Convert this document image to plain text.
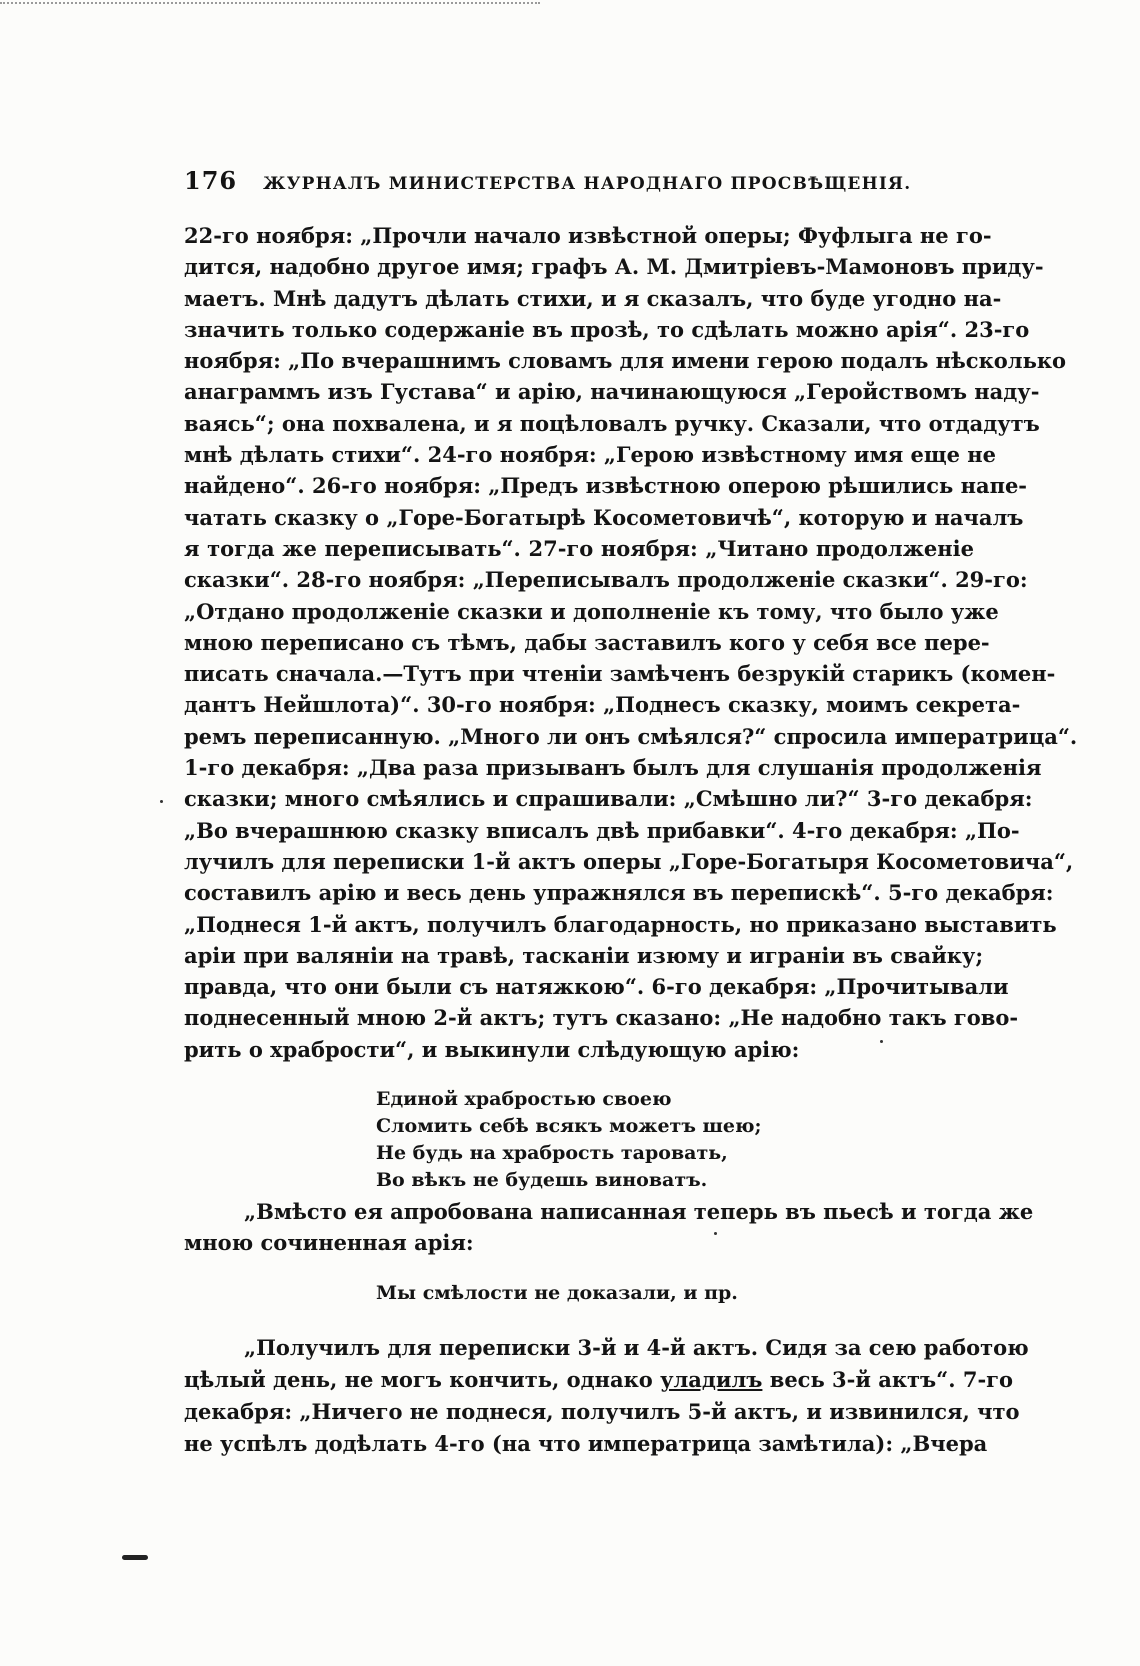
176 ЖУРНАЛЪ МИНИСТЕРСТВА НАРОДНАГО ПРОСВѢЩЕНІЯ.
22-го ноября: „Прочли начало извѣстной оперы; Фуфлыга не го-
дится, надобно другое имя; графъ А. М. Дмитріевъ-Мамоновъ приду-
маетъ. Мнѣ дадутъ дѣлать стихи, и я сказалъ, что буде угодно на-
значить только содержаніе въ прозѣ, то сдѣлать можно арія“. 23-го
ноября: „По вчерашнимъ словамъ для имени герою подалъ нѣсколько
анаграммъ изъ Густава“ и арію, начинающуюся „Геройствомъ наду-
ваясь“; она похвалена, и я поцѣловалъ ручку. Сказали, что отдадутъ
мнѣ дѣлать стихи“. 24-го ноября: „Герою извѣстному имя еще не
найдено“. 26-го ноября: „Предъ извѣстною оперою рѣшились напе-
чатать сказку о „Горе-Богатырѣ Косометовичѣ“, которую и началъ
я тогда же переписывать“. 27-го ноября: „Читано продолженіе
сказки“. 28-го ноября: „Переписывалъ продолженіе сказки“. 29-го:
„Отдано продолженіе сказки и дополненіе къ тому, что было уже
мною переписано съ тѣмъ, дабы заставилъ кого у себя все пере-
писать сначала.—Тутъ при чтеніи замѣченъ безрукій старикъ (комен-
дантъ Нейшлота)“. 30-го ноября: „Поднесъ сказку, моимъ секрета-
ремъ переписанную. „Много ли онъ смѣялся?“ спросила императрица“.
1-го декабря: „Два раза призыванъ былъ для слушанія продолженія
сказки; много смѣялись и спрашивали: „Смѣшно ли?“ 3-го декабря:
„Во вчерашнюю сказку вписалъ двѣ прибавки“. 4-го декабря: „По-
лучилъ для переписки 1-й актъ оперы „Горе-Богатыря Косометовича“,
составилъ арію и весь день упражнялся въ перепискѣ“. 5-го декабря:
„Поднеся 1-й актъ, получилъ благодарность, но приказано выставить
аріи при валяніи на травѣ, тасканіи изюму и играніи въ свайку;
правда, что они были съ натяжкою“. 6-го декабря: „Прочитывали
поднесенный мною 2-й актъ; тутъ сказано: „Не надобно такъ гово-
рить о храбрости“, и выкинули слѣдующую арію:
Единой храбростью своею
Сломить себѣ всякъ можетъ шею;
Не будь на храбрость таровать,
Во вѣкъ не будешь виноватъ.
„Вмѣсто ея апробована написанная теперь въ пьесѣ и тогда же
мною сочиненная арія:
Мы смѣлости не доказали, и пр.
„Получилъ для переписки 3-й и 4-й актъ. Сидя за сею работою
цѣлый день, не могъ кончить, однако уладилъ весь 3-й актъ“. 7-го
декабря: „Ничего не поднеся, получилъ 5-й актъ, и извинился, что
не успѣлъ додѣлать 4-го (на что императрица замѣтила): „Вчера
